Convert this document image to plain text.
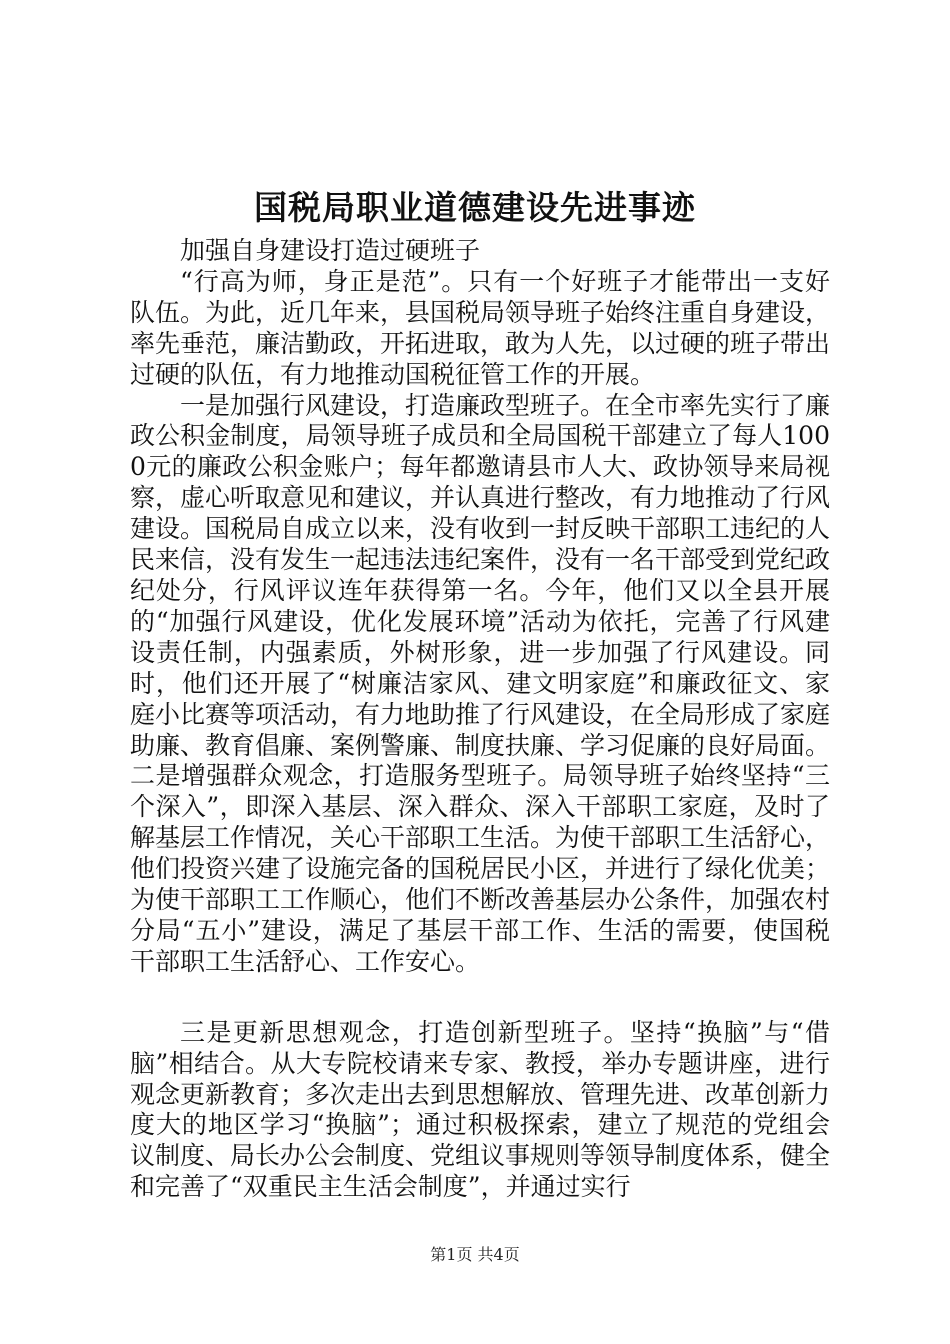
国税局职业道德建设先进事迹

加强自身建设打造过硬班子

“行高为师，身正是范”。只有一个好班子才能带出一支好队伍。为此，近几年来，县国税局领导班子始终注重自身建设，率先垂范，廉洁勤政，开拓进取，敢为人先，以过硬的班子带出过硬的队伍，有力地推动国税征管工作的开展。

一是加强行风建设，打造廉政型班子。在全市率先实行了廉政公积金制度，局领导班子成员和全局国税干部建立了每人1000元的廉政公积金账户；每年都邀请县市人大、政协领导来局视察，虚心听取意见和建议，并认真进行整改，有力地推动了行风建设。国税局自成立以来，没有收到一封反映干部职工违纪的人民来信，没有发生一起违法违纪案件，没有一名干部受到党纪政纪处分，行风评议连年获得第一名。今年，他们又以全县开展的“加强行风建设，优化发展环境”活动为依托，完善了行风建设责任制，内强素质，外树形象，进一步加强了行风建设。同时，他们还开展了“树廉洁家风、建文明家庭”和廉政征文、家庭小比赛等项活动，有力地助推了行风建设，在全局形成了家庭助廉、教育倡廉、案例警廉、制度扶廉、学习促廉的良好局面。二是增强群众观念，打造服务型班子。局领导班子始终坚持“三个深入”，即深入基层、深入群众、深入干部职工家庭，及时了解基层工作情况，关心干部职工生活。为使干部职工生活舒心，他们投资兴建了设施完备的国税居民小区，并进行了绿化优美；为使干部职工工作顺心，他们不断改善基层办公条件，加强农村分局“五小”建设，满足了基层干部工作、生活的需要，使国税干部职工生活舒心、工作安心。

三是更新思想观念，打造创新型班子。坚持“换脑”与“借脑”相结合。从大专院校请来专家、教授，举办专题讲座，进行观念更新教育；多次走出去到思想解放、管理先进、改革创新力度大的地区学习“换脑”；通过积极探索，建立了规范的党组会议制度、局长办公会制度、党组议事规则等领导制度体系，健全和完善了“双重民主生活会制度”，并通过实行

第1页 共4页
